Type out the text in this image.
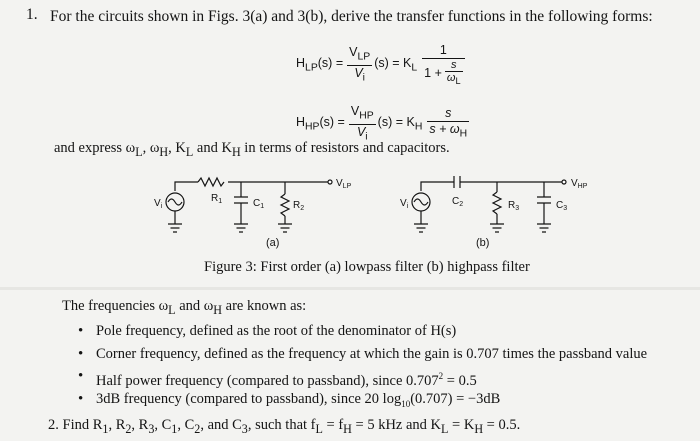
1. For the circuits shown in Figs. 3(a) and 3(b), derive the transfer functions in the following forms:
$H_{LP}(s) = \frac{V_{LP}}{V_i} (s) = K_L \frac{1}{1 + \frac{s}{\omega_L}}$
$H_{HP}(s) = \frac{V_{HP}}{V_i} (s) = K_H \frac{s}{s + \omega_H}$
and express $\omega_L$, $\omega_H$, $K_L$ and $K_H$ in terms of resistors and capacitors.
$V_i$
$R_1$	$C_1$	$R_2$
$V_{LP}$
$V_i$	$C_2$	$R_3$	$C_3$
$V_{HP}$
(a)	(b)
Figure 3: First order (a) lowpass filter (b) highpass filter
The frequencies $\omega_L$ and $\omega_H$ are known as:
• Pole frequency, defined as the root of the denominator of H(s)
• Corner frequency, defined as the frequency at which the gain is 0.707 times the passband value
• Half power frequency (compared to passband), since $0.707^2 = 0.5$
• 3dB frequency (compared to passband), since 20 $\log_{10}(0.707) = -3dB$
2. Find $R_1$, $R_2$, $R_3$, $C_1$, $C_2$, and $C_3$, such that $f_L = f_H = 5$ kHz and $K_L = K_H = 0.5$.
